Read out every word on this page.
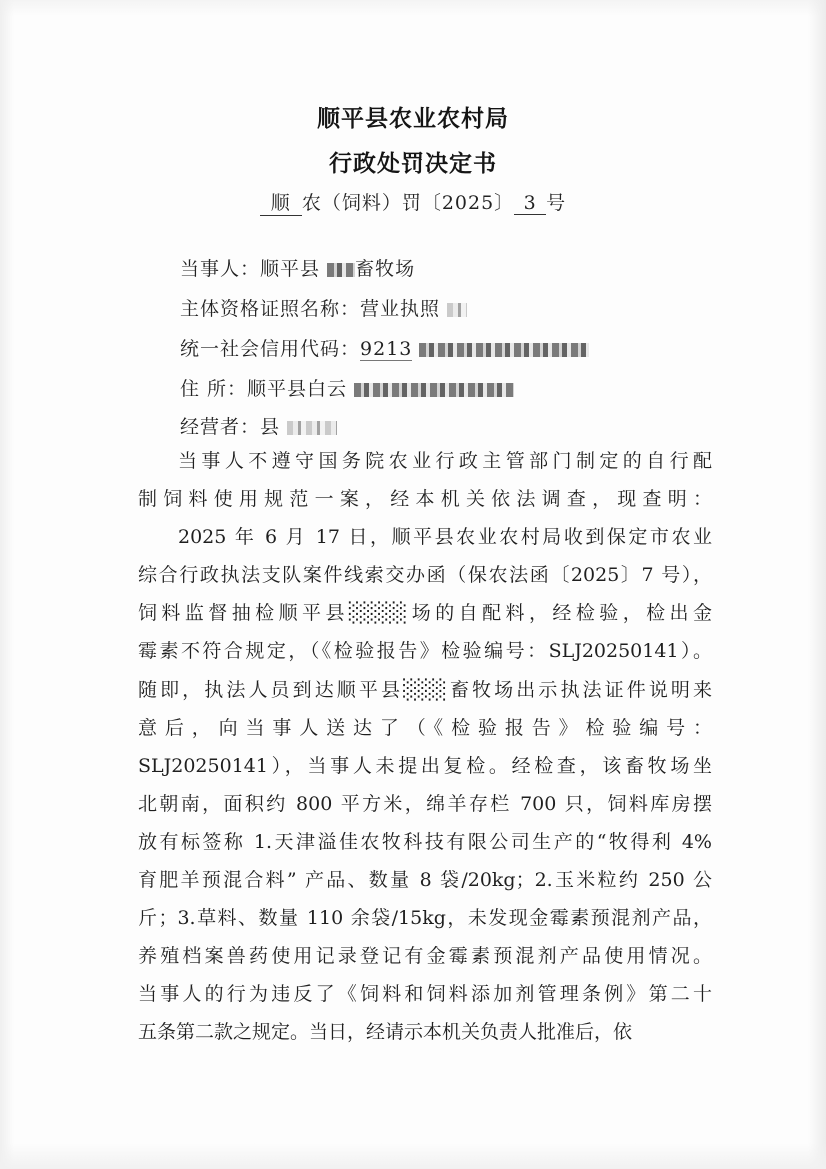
顺平县农业农村局
行政处罚决定书
顺 农（饲料）罚〔2025〕 3 号
当事人：顺平县 畜牧场
主体资格证照名称：营业执照
统一社会信用代码：9213
住 所：顺平县白云
经营者：县
当事人不遵守国务院农业行政主管部门制定的自行配
制饲料使用规范一案，经本机关依法调查，现查明：
2025 年 6 月 17 日，顺平县农业农村局收到保定市农业
综合行政执法支队案件线索交办函（保农法函〔2025〕7 号），
饲料监督抽检顺平县░░░░场的自配料，经检验，检出金
霉素不符合规定，（《检验报告》检验编号：SLJ20250141）。
随即，执法人员到达顺平县░░░畜牧场出示执法证件说明来
意后，向当事人送达了（《检验报告》检验编号：
SLJ20250141），当事人未提出复检。经检查，该畜牧场坐
北朝南，面积约 800 平方米，绵羊存栏 700 只，饲料库房摆
放有标签称 1.天津溢佳农牧科技有限公司生产的“牧得利 4%
育肥羊预混合料” 产品、数量 8 袋/20kg；2.玉米粒约 250 公
斤；3.草料、数量 110 余袋/15kg，未发现金霉素预混剂产品，
养殖档案兽药使用记录登记有金霉素预混剂产品使用情况。
当事人的行为违反了《饲料和饲料添加剂管理条例》第二十
五条第二款之规定。当日，经请示本机关负责人批准后，依
